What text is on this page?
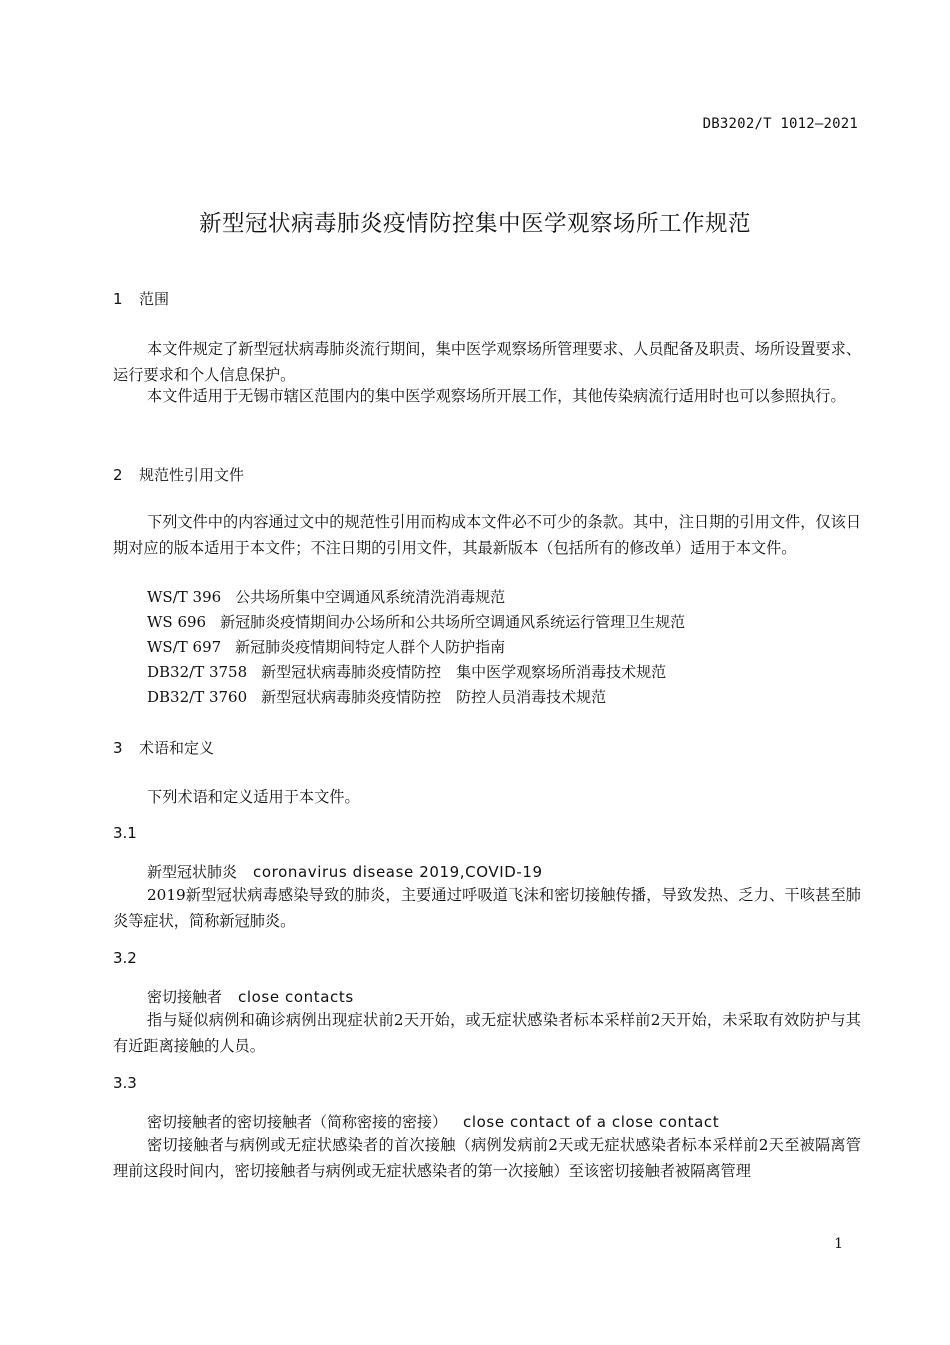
DB3202/T 1012—2021
新型冠状病毒肺炎疫情防控集中医学观察场所工作规范
1 范围
本文件规定了新型冠状病毒肺炎流行期间，集中医学观察场所管理要求、人员配备及职责、场所设置要求、运行要求和个人信息保护。
本文件适用于无锡市辖区范围内的集中医学观察场所开展工作，其他传染病流行适用时也可以参照执行。
2 规范性引用文件
下列文件中的内容通过文中的规范性引用而构成本文件必不可少的条款。其中，注日期的引用文件，仅该日期对应的版本适用于本文件；不注日期的引用文件，其最新版本（包括所有的修改单）适用于本文件。
WS/T 396 公共场所集中空调通风系统清洗消毒规范
WS 696 新冠肺炎疫情期间办公场所和公共场所空调通风系统运行管理卫生规范
WS/T 697 新冠肺炎疫情期间特定人群个人防护指南
DB32/T 3758 新型冠状病毒肺炎疫情防控　集中医学观察场所消毒技术规范
DB32/T 3760 新型冠状病毒肺炎疫情防控　防控人员消毒技术规范
3 术语和定义
下列术语和定义适用于本文件。
3.1
新型冠状肺炎 coronavirus disease 2019,COVID-19
2019新型冠状病毒感染导致的肺炎，主要通过呼吸道飞沫和密切接触传播，导致发热、乏力、干咳甚至肺炎等症状，简称新冠肺炎。
3.2
密切接触者 close contacts
指与疑似病例和确诊病例出现症状前2天开始，或无症状感染者标本采样前2天开始，未采取有效防护与其有近距离接触的人员。
3.3
密切接触者的密切接触者（简称密接的密接） close contact of a close contact
密切接触者与病例或无症状感染者的首次接触（病例发病前2天或无症状感染者标本采样前2天至被隔离管理前这段时间内，密切接触者与病例或无症状感染者的第一次接触）至该密切接触者被隔离管理
1
